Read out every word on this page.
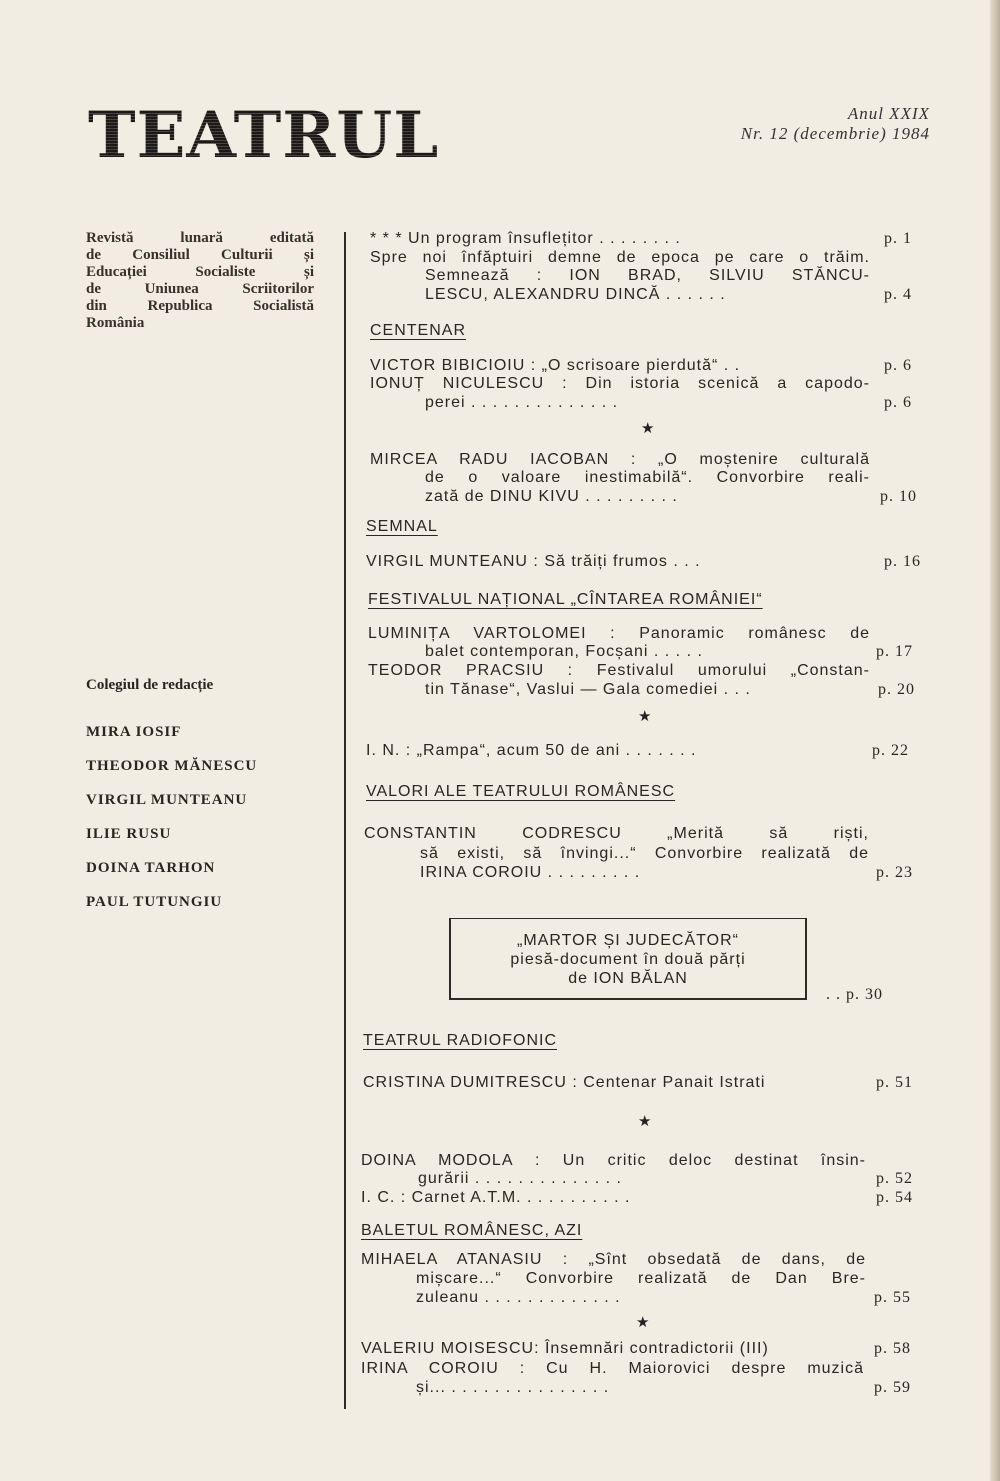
TEATRUL	Anul XXIX
Nr. 12 (decembrie) 1984
Revistă lunară editată
de Consiliul Culturii și
Educației Socialiste și
de Uniunea Scriitorilor
din Republica Socialistă
România
Colegiul de redacție
MIRA IOSIF
THEODOR MĂNESCU
VIRGIL MUNTEANU
ILIE RUSU
DOINA TARHON
PAUL TUTUNGIU
* * * Un program însuflețitor . . . . . . . .	p. 1
Spre noi înfăptuiri demne de epoca pe care o trăim.
Semnează : ION BRAD, SILVIU STĂNCU-
LESCU, ALEXANDRU DINCĂ . . . . . .	p. 4
CENTENAR
VICTOR BIBICIOIU : „O scrisoare pierdută“ . .	p. 6
IONUȚ NICULESCU : Din istoria scenică a capodo-
perei . . . . . . . . . . . . . .	p. 6
★
MIRCEA RADU IACOBAN : „O moștenire culturală
de o valoare inestimabilă“. Convorbire reali-
zată de DINU KIVU . . . . . . . . .	p. 10
SEMNAL
VIRGIL MUNTEANU : Să trăiți frumos . . .	p. 16
FESTIVALUL NAȚIONAL „CÎNTAREA ROMÂNIEI“
LUMINIȚA VARTOLOMEI : Panoramic românesc de
balet contemporan, Focșani . . . . .	p. 17
TEODOR PRACSIU : Festivalul umorului „Constan-
tin Tănase“, Vaslui — Gala comediei . . .	p. 20
★
I. N. : „Rampa“, acum 50 de ani . . . . . . .	p. 22
VALORI ALE TEATRULUI ROMÂNESC
CONSTANTIN CODRESCU „Merită să riști,
să existi, să învingi...“ Convorbire realizată de
IRINA COROIU . . . . . . . . .	p. 23
„MARTOR ȘI JUDECĂTOR“
piesă-document în două părți
de ION BĂLAN
. . p. 30
TEATRUL RADIOFONIC
CRISTINA DUMITRESCU : Centenar Panait Istrati	p. 51
★
DOINA MODOLA : Un critic deloc destinat însin-
gurării . . . . . . . . . . . . . .	p. 52
I. C. : Carnet A.T.M. . . . . . . . . . .	p. 54
BALETUL ROMÂNESC, AZI
MIHAELA ATANASIU : „Sînt obsedată de dans, de
mișcare...“ Convorbire realizată de Dan Bre-
zuleanu . . . . . . . . . . . . .	p. 55
★
VALERIU MOISESCU: Însemnări contradictorii (III)	p. 58
IRINA COROIU : Cu H. Maiorovici despre muzică
și... . . . . . . . . . . . . . . .	p. 59
